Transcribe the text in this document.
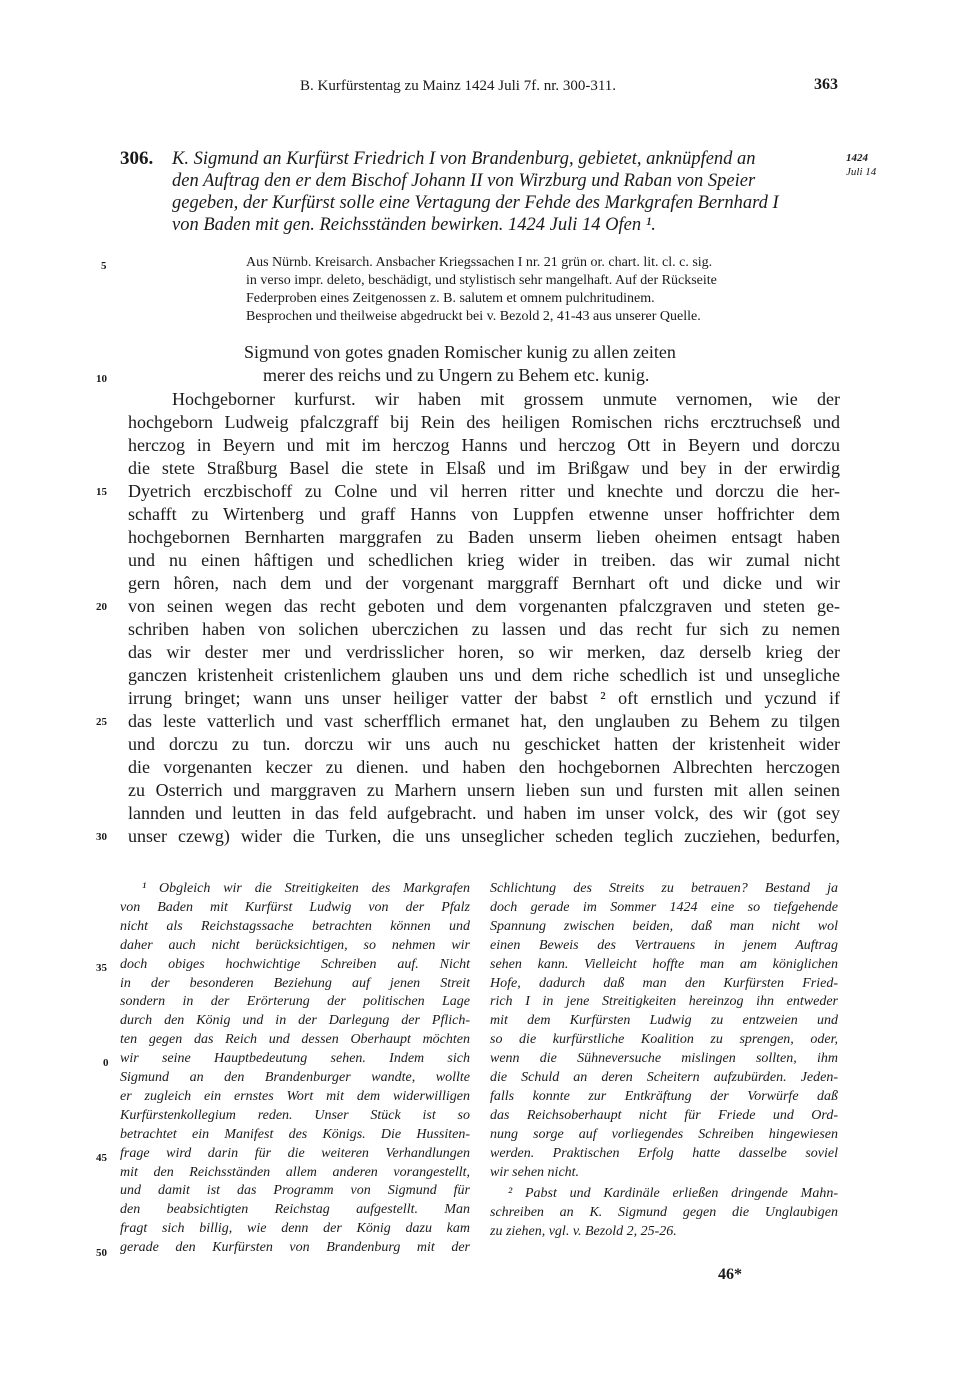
B. Kurfürstentag zu Mainz 1424 Juli 7f. nr. 300-311.	363
306. K. Sigmund an Kurfürst Friedrich I von Brandenburg, gebietet, anknüpfend an
den Auftrag den er dem Bischof Johann II von Wirzburg und Raban von Speier
gegeben, der Kurfürst solle eine Vertagung der Fehde des Markgrafen Bernhard I
von Baden mit gen. Reichsständen bewirken. 1424 Juli 14 Ofen ¹.
1424
Juli 14
Aus Nürnb. Kreisarch. Ansbacher Kriegssachen I nr. 21 grün or. chart. lit. cl. c. sig.
in verso impr. deleto, beschädigt, und stylistisch sehr mangelhaft. Auf der Rückseite
Federproben eines Zeitgenossen z. B. salutem et omnem pulchritudinem.
Besprochen und theilweise abgedruckt bei v. Bezold 2, 41-43 aus unserer Quelle.
5
10
15
20
25
30
35
0
45
50
Sigmund von gotes gnaden Romischer kunig zu allen zeiten
merer des reichs und zu Ungern zu Behem etc. kunig.
Hochgeborner kurfurst. wir haben mit grossem unmute vernomen, wie der
hochgeborn Ludweig pfalczgraff bij Rein des heiligen Romischen richs ercztruchseß und
herczog in Beyern und mit im herczog Hanns und herczog Ott in Beyern und dorczu
die stete Straßburg Basel die stete in Elsaß und im Brißgaw und bey in der erwirdig
Dyetrich erczbischoff zu Colne und vil herren ritter und knechte und dorczu die her-
schafft zu Wirtenberg und graff Hanns von Luppfen etwenne unser hoffrichter dem
hochgebornen Bernharten marggrafen zu Baden unserm lieben oheimen entsagt haben
und nu einen hâftigen und schedlichen krieg wider in treiben. das wir zumal nicht
gern hôren, nach dem und der vorgenant marggraff Bernhart oft und dicke und wir
von seinen wegen das recht geboten und dem vorgenanten pfalczgraven und steten ge-
schriben haben von solichen uberczichen zu lassen und das recht fur sich zu nemen
das wir dester mer und verdrisslicher horen, so wir merken, daz derselb krieg der
ganczen kristenheit cristenlichem glauben uns und dem riche schedlich ist und unsegliche
irrung bringet; wann uns unser heiliger vatter der babst ² oft ernstlich und yczund if
das leste vatterlich und vast scherfflich ermanet hat, den unglauben zu Behem zu tilgen
und dorczu zu tun. dorczu wir uns auch nu geschicket hatten der kristenheit wider
die vorgenanten keczer zu dienen. und haben den hochgebornen Albrechten herczogen
zu Osterrich und marggraven zu Marhern unsern lieben sun und fursten mit allen seinen
lannden und leutten in das feld aufgebracht. und haben im unser volck, des wir (got sey
unser czewg) wider die Turken, die uns unseglicher scheden teglich zucziehen, bedurfen,
¹ Obgleich wir die Streitigkeiten des Markgrafen
von Baden mit Kurfürst Ludwig von der Pfalz
nicht als Reichstagssache betrachten können und
daher auch nicht berücksichtigen, so nehmen wir
doch obiges hochwichtige Schreiben auf. Nicht
in der besonderen Beziehung auf jenen Streit
sondern in der Erörterung der politischen Lage
durch den König und in der Darlegung der Pflich-
ten gegen das Reich und dessen Oberhaupt möchten
wir seine Hauptbedeutung sehen. Indem sich
Sigmund an den Brandenburger wandte, wollte
er zugleich ein ernstes Wort mit dem widerwilligen
Kurfürstenkollegium reden. Unser Stück ist so
betrachtet ein Manifest des Königs. Die Hussiten-
frage wird darin für die weiteren Verhandlungen
mit den Reichsständen allem anderen vorangestellt,
und damit ist das Programm von Sigmund für
den beabsichtigten Reichstag aufgestellt. Man
fragt sich billig, wie denn der König dazu kam
gerade den Kurfürsten von Brandenburg mit der
Schlichtung des Streits zu betrauen? Bestand ja
doch gerade im Sommer 1424 eine so tiefgehende
Spannung zwischen beiden, daß man nicht wol
einen Beweis des Vertrauens in jenem Auftrag
sehen kann. Vielleicht hoffte man am königlichen
Hofe, dadurch daß man den Kurfürsten Fried-
rich I in jene Streitigkeiten hereinzog ihn entweder
mit dem Kurfürsten Ludwig zu entzweien und
so die kurfürstliche Koalition zu sprengen, oder,
wenn die Sühneversuche mislingen sollten, ihm
die Schuld an deren Scheitern aufzubürden. Jeden-
falls konnte zur Entkräftung der Vorwürfe daß
das Reichsoberhaupt nicht für Friede und Ord-
nung sorge auf vorliegendes Schreiben hingewiesen
werden. Praktischen Erfolg hatte dasselbe soviel
wir sehen nicht.
² Pabst und Kardinäle erließen dringende Mahn-
schreiben an K. Sigmund gegen die Unglaubigen
zu ziehen, vgl. v. Bezold 2, 25-26.
46*
